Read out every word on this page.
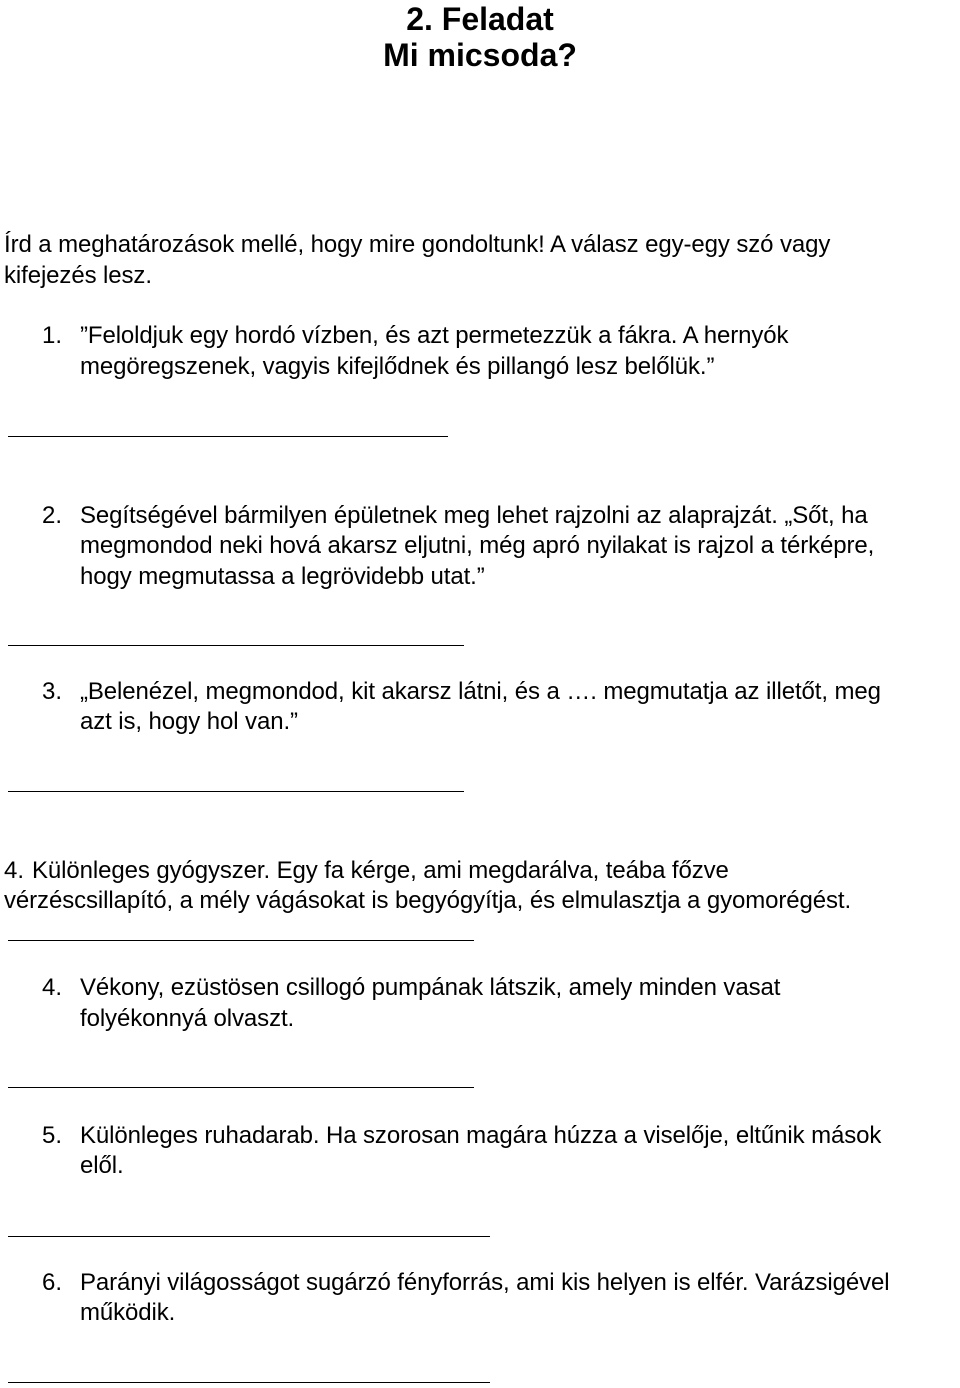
2. Feladat
Mi micsoda?
Írd a meghatározások mellé, hogy mire gondoltunk! A válasz egy-egy szó vagy
kifejezés lesz.
1. ”Feloldjuk egy hordó vízben, és azt permetezzük a fákra. A hernyók
megöregszenek, vagyis kifejlődnek és pillangó lesz belőlük.”
2. Segítségével bármilyen épületnek meg lehet rajzolni az alaprajzát. „Sőt, ha
megmondod neki hová akarsz eljutni, még apró nyilakat is rajzol a térképre,
hogy megmutassa a legrövidebb utat.”
3. „Belenézel, megmondod, kit akarsz látni, és a …. megmutatja az illetőt, meg
azt is, hogy hol van.”
4. Különleges gyógyszer. Egy fa kérge, ami megdarálva, teába főzve
vérzéscsillapító, a mély vágásokat is begyógyítja, és elmulasztja a gyomorégést.
4. Vékony, ezüstösen csillogó pumpának látszik, amely minden vasat
folyékonnyá olvaszt.
5. Különleges ruhadarab. Ha szorosan magára húzza a viselője, eltűnik mások
elől.
6. Parányi világosságot sugárzó fényforrás, ami kis helyen is elfér. Varázsigével
működik.
